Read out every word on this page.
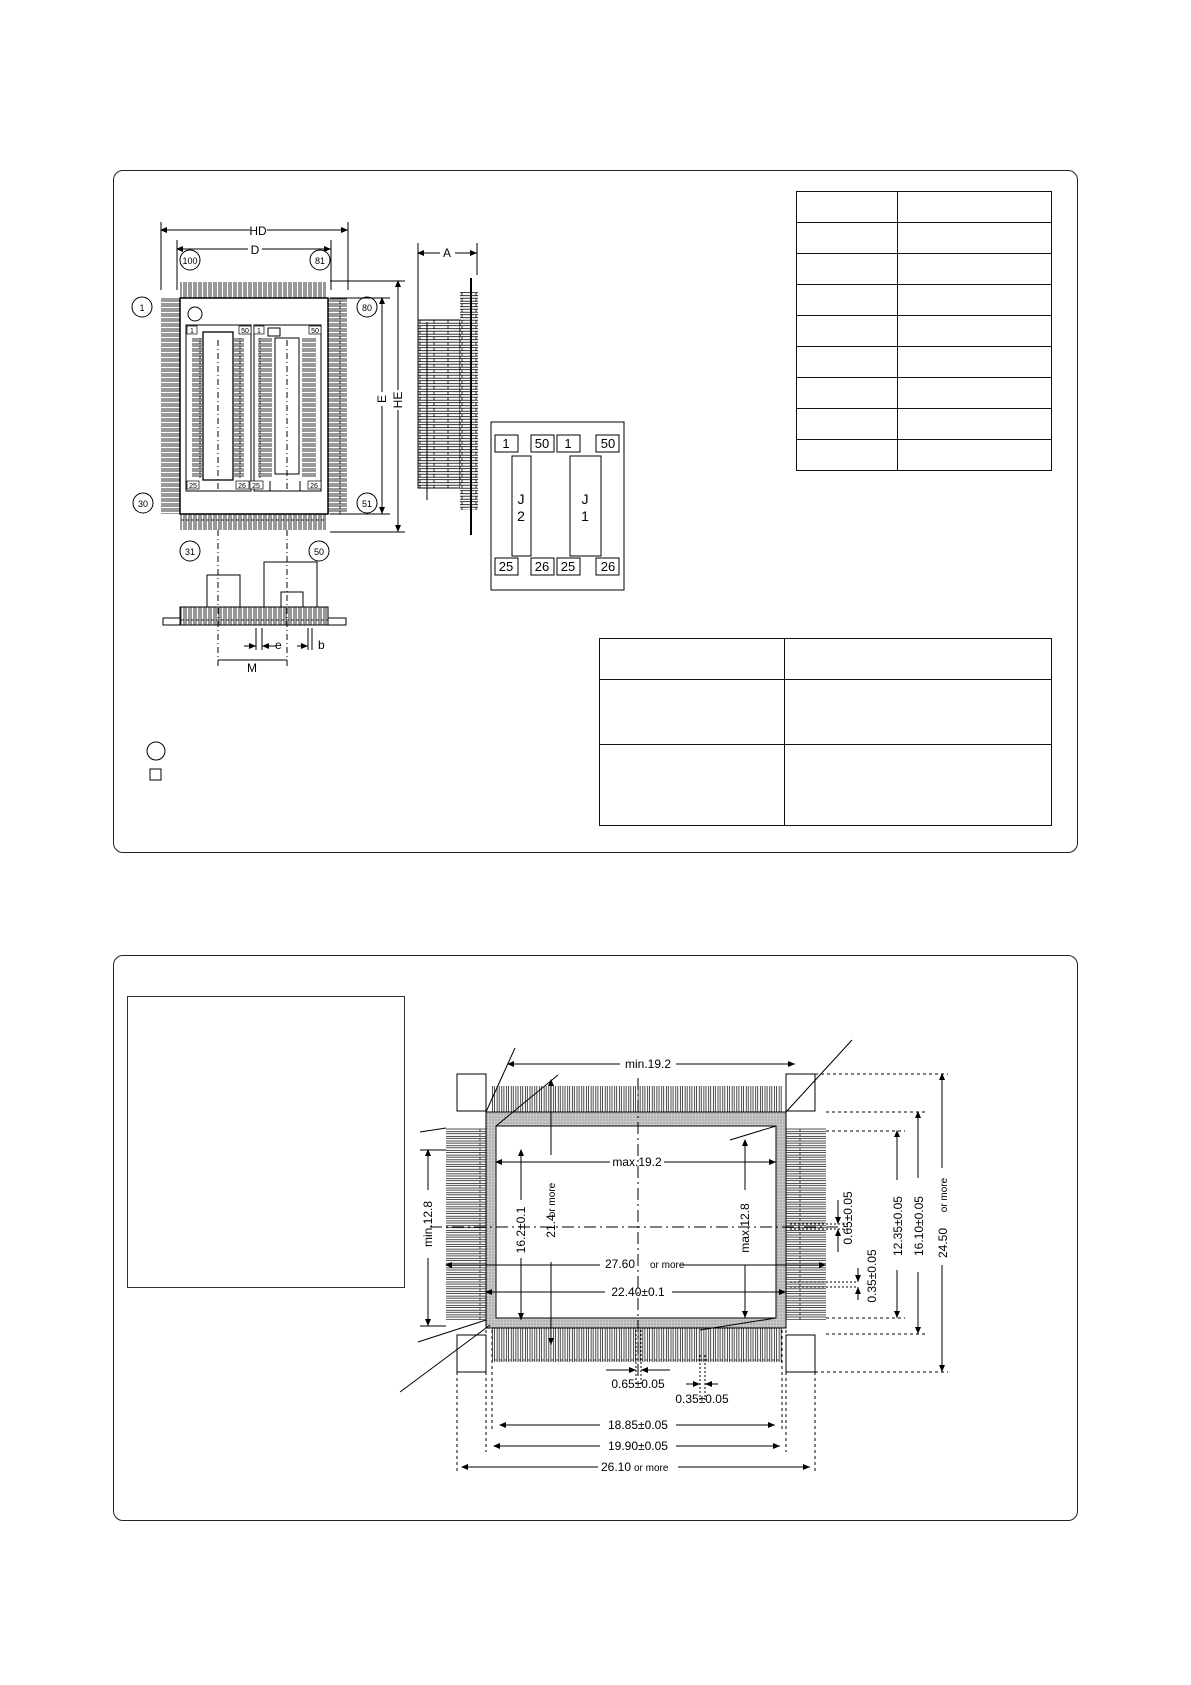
HD
D
1	50 1	50
25	26 25	26
100	81
1	80
30	51
31	50
E HE
A
e	b
M
1 50 1 50
25 26 25 26
J
2
J
1
min.19.2
max.19.2
27.60 or more
22.40±0.1
min.12.8	16.2±0.1 21.4
or more
max.12.8
0.65±0.05
0.35±0.05
18.85±0.05
19.90±0.05
26.10 or more
0.65±0.05
0.35±0.05
12.35±0.05 16.10±0.05 24.50
or more
